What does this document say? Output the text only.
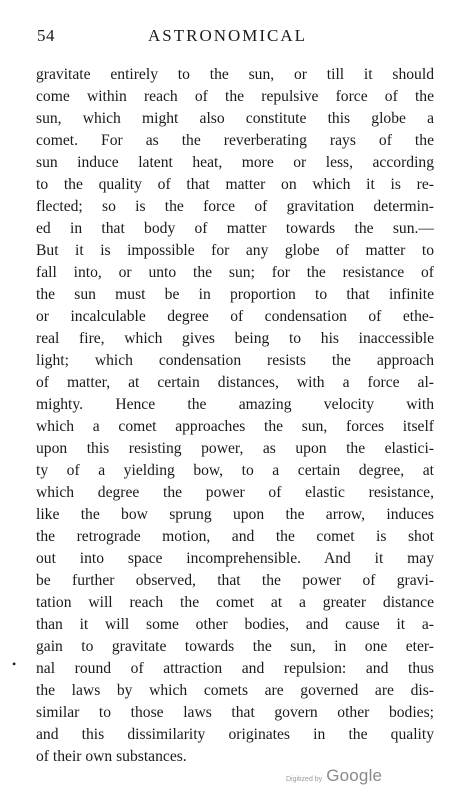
54	ASTRONOMICAL
gravitate entirely to the sun, or till it should
come within reach of the repulsive force of the
sun, which might also constitute this globe a
comet. For as the reverberating rays of the
sun induce latent heat, more or less, according
to the quality of that matter on which it is re-
flected; so is the force of gravitation determin-
ed in that body of matter towards the sun.—
But it is impossible for any globe of matter to
fall into, or unto the sun; for the resistance of
the sun must be in proportion to that infinite
or incalculable degree of condensation of ethe-
real fire, which gives being to his inaccessible
light; which condensation resists the approach
of matter, at certain distances, with a force al-
mighty. Hence the amazing velocity with
which a comet approaches the sun, forces itself
upon this resisting power, as upon the elastici-
ty of a yielding bow, to a certain degree, at
which degree the power of elastic resistance,
like the bow sprung upon the arrow, induces
the retrograde motion, and the comet is shot
out into space incomprehensible. And it may
be further observed, that the power of gravi-
tation will reach the comet at a greater distance
than it will some other bodies, and cause it a-
gain to gravitate towards the sun, in one eter-
nal round of attraction and repulsion: and thus
the laws by which comets are governed are dis-
similar to those laws that govern other bodies;
and this dissimilarity originates in the quality
of their own substances.
•
Digitized by Google
